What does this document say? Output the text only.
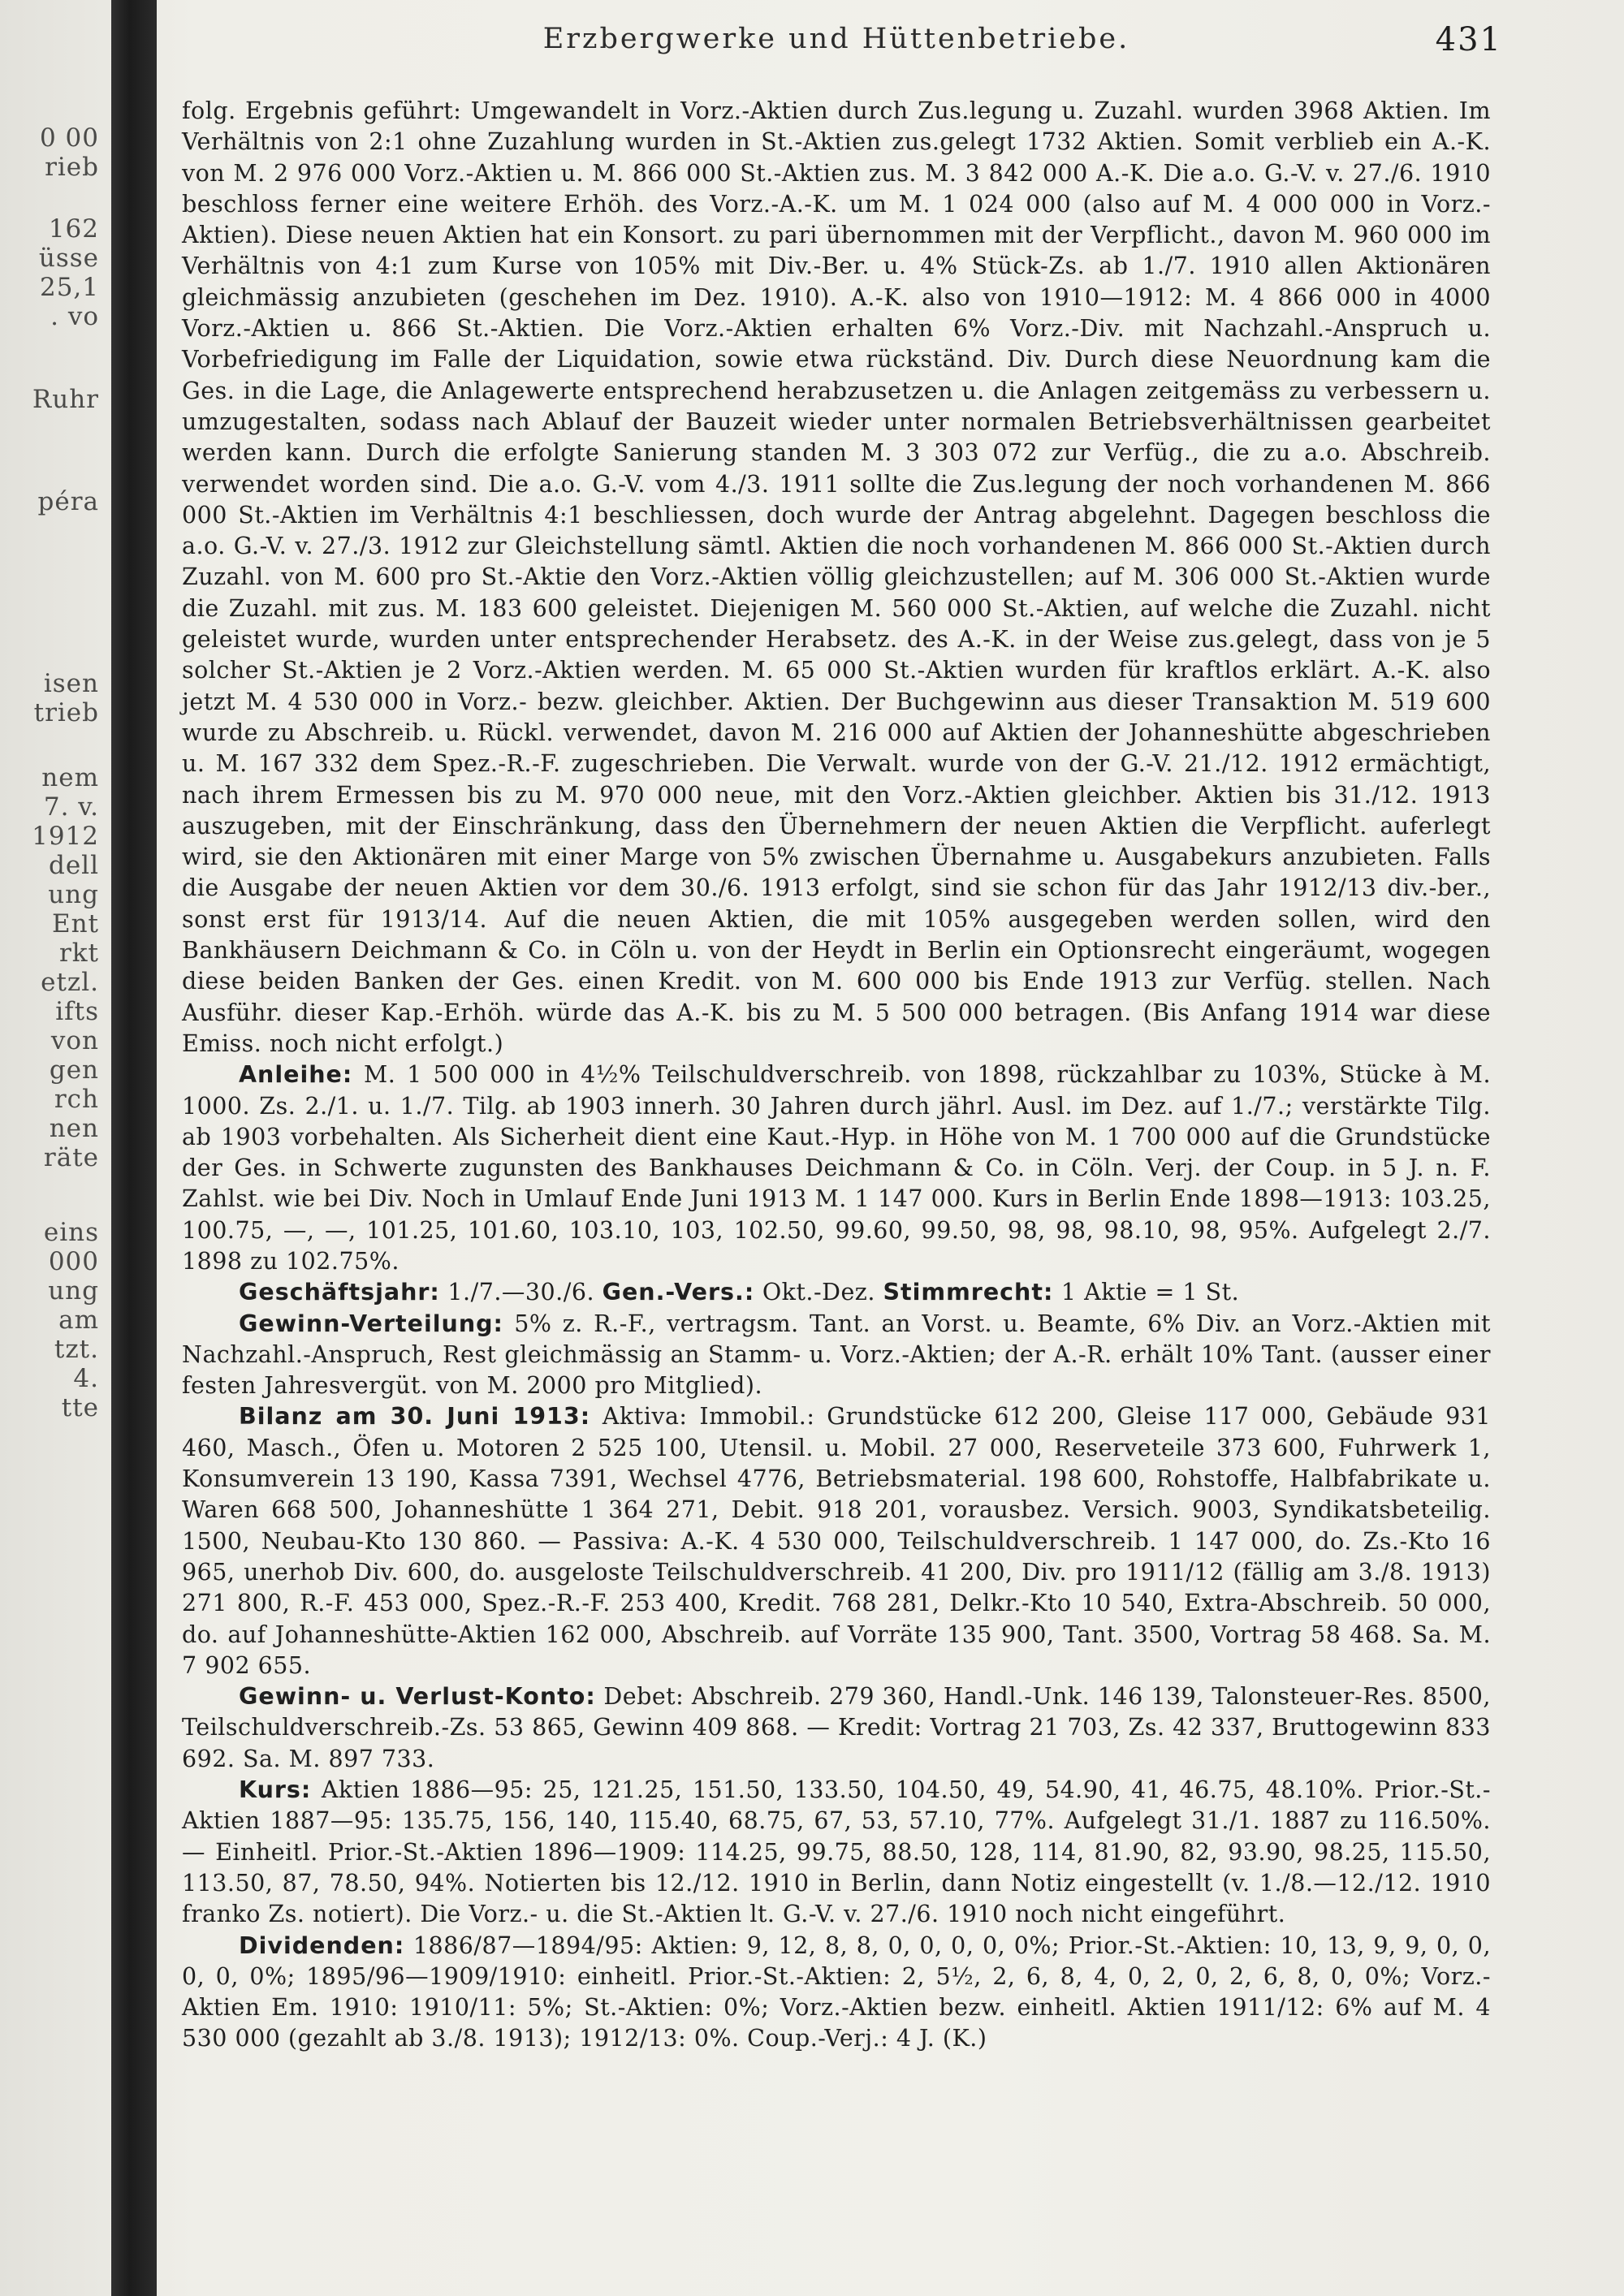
0 00
rieb
162
üsse
25,1
. vo
Ruhr
péra
isen
trieb
nem
7. v.
1912
dell
ung
Ent
rkt
etzl.
ifts
von
gen
rch
nen
räte
eins
000
ung
am
tzt.
4.
tte
Erzbergwerke und Hüttenbetriebe.	431

folg. Ergebnis geführt: Umgewandelt in Vorz.-Aktien durch Zus.legung u. Zuzahl. wurden 3968 Aktien. Im Verhältnis von 2:1 ohne Zuzahlung wurden in St.-Aktien zus.gelegt 1732 Aktien. Somit verblieb ein A.-K. von M. 2 976 000 Vorz.-Aktien u. M. 866 000 St.-Aktien zus. M. 3 842 000 A.-K. Die a.o. G.-V. v. 27./6. 1910 beschloss ferner eine weitere Erhöh. des Vorz.-A.-K. um M. 1 024 000 (also auf M. 4 000 000 in Vorz.-Aktien). Diese neuen Aktien hat ein Konsort. zu pari übernommen mit der Verpflicht., davon M. 960 000 im Verhältnis von 4:1 zum Kurse von 105% mit Div.-Ber. u. 4% Stück-Zs. ab 1./7. 1910 allen Aktionären gleichmässig anzubieten (geschehen im Dez. 1910). A.-K. also von 1910—1912: M. 4 866 000 in 4000 Vorz.-Aktien u. 866 St.-Aktien. Die Vorz.-Aktien erhalten 6% Vorz.-Div. mit Nachzahl.-Anspruch u. Vorbefriedigung im Falle der Liquidation, sowie etwa rückständ. Div. Durch diese Neuordnung kam die Ges. in die Lage, die Anlagewerte entsprechend herabzusetzen u. die Anlagen zeitgemäss zu verbessern u. umzugestalten, sodass nach Ablauf der Bauzeit wieder unter normalen Betriebsverhältnissen gearbeitet werden kann. Durch die erfolgte Sanierung standen M. 3 303 072 zur Verfüg., die zu a.o. Abschreib. verwendet worden sind. Die a.o. G.-V. vom 4./3. 1911 sollte die Zus.legung der noch vorhandenen M. 866 000 St.-Aktien im Verhältnis 4:1 beschliessen, doch wurde der Antrag abgelehnt. Dagegen beschloss die a.o. G.-V. v. 27./3. 1912 zur Gleichstellung sämtl. Aktien die noch vorhandenen M. 866 000 St.-Aktien durch Zuzahl. von M. 600 pro St.-Aktie den Vorz.-Aktien völlig gleichzustellen; auf M. 306 000 St.-Aktien wurde die Zuzahl. mit zus. M. 183 600 geleistet. Diejenigen M. 560 000 St.-Aktien, auf welche die Zuzahl. nicht geleistet wurde, wurden unter entsprechender Herabsetz. des A.-K. in der Weise zus.gelegt, dass von je 5 solcher St.-Aktien je 2 Vorz.-Aktien werden. M. 65 000 St.-Aktien wurden für kraftlos erklärt. A.-K. also jetzt M. 4 530 000 in Vorz.- bezw. gleichber. Aktien. Der Buchgewinn aus dieser Transaktion M. 519 600 wurde zu Abschreib. u. Rückl. verwendet, davon M. 216 000 auf Aktien der Johanneshütte abgeschrieben u. M. 167 332 dem Spez.-R.-F. zugeschrieben. Die Verwalt. wurde von der G.-V. 21./12. 1912 ermächtigt, nach ihrem Ermessen bis zu M. 970 000 neue, mit den Vorz.-Aktien gleichber. Aktien bis 31./12. 1913 auszugeben, mit der Einschränkung, dass den Übernehmern der neuen Aktien die Verpflicht. auferlegt wird, sie den Aktionären mit einer Marge von 5% zwischen Übernahme u. Ausgabekurs anzubieten. Falls die Ausgabe der neuen Aktien vor dem 30./6. 1913 erfolgt, sind sie schon für das Jahr 1912/13 div.-ber., sonst erst für 1913/14. Auf die neuen Aktien, die mit 105% ausgegeben werden sollen, wird den Bankhäusern Deichmann & Co. in Cöln u. von der Heydt in Berlin ein Optionsrecht eingeräumt, wogegen diese beiden Banken der Ges. einen Kredit. von M. 600 000 bis Ende 1913 zur Verfüg. stellen. Nach Ausführ. dieser Kap.-Erhöh. würde das A.-K. bis zu M. 5 500 000 betragen. (Bis Anfang 1914 war diese Emiss. noch nicht erfolgt.)

Anleihe: M. 1 500 000 in 4½% Teilschuldverschreib. von 1898, rückzahlbar zu 103%, Stücke à M. 1000. Zs. 2./1. u. 1./7. Tilg. ab 1903 innerh. 30 Jahren durch jährl. Ausl. im Dez. auf 1./7.; verstärkte Tilg. ab 1903 vorbehalten. Als Sicherheit dient eine Kaut.-Hyp. in Höhe von M. 1 700 000 auf die Grundstücke der Ges. in Schwerte zugunsten des Bankhauses Deichmann & Co. in Cöln. Verj. der Coup. in 5 J. n. F. Zahlst. wie bei Div. Noch in Umlauf Ende Juni 1913 M. 1 147 000. Kurs in Berlin Ende 1898—1913: 103.25, 100.75, —, —, 101.25, 101.60, 103.10, 103, 102.50, 99.60, 99.50, 98, 98, 98.10, 98, 95%. Aufgelegt 2./7. 1898 zu 102.75%.

Geschäftsjahr: 1./7.—30./6. Gen.-Vers.: Okt.-Dez. Stimmrecht: 1 Aktie = 1 St.

Gewinn-Verteilung: 5% z. R.-F., vertragsm. Tant. an Vorst. u. Beamte, 6% Div. an Vorz.-Aktien mit Nachzahl.-Anspruch, Rest gleichmässig an Stamm- u. Vorz.-Aktien; der A.-R. erhält 10% Tant. (ausser einer festen Jahresvergüt. von M. 2000 pro Mitglied).

Bilanz am 30. Juni 1913: Aktiva: Immobil.: Grundstücke 612 200, Gleise 117 000, Gebäude 931 460, Masch., Öfen u. Motoren 2 525 100, Utensil. u. Mobil. 27 000, Reserveteile 373 600, Fuhrwerk 1, Konsumverein 13 190, Kassa 7391, Wechsel 4776, Betriebsmaterial. 198 600, Rohstoffe, Halbfabrikate u. Waren 668 500, Johanneshütte 1 364 271, Debit. 918 201, vorausbez. Versich. 9003, Syndikatsbeteilig. 1500, Neubau-Kto 130 860. — Passiva: A.-K. 4 530 000, Teilschuldverschreib. 1 147 000, do. Zs.-Kto 16 965, unerhob Div. 600, do. ausgeloste Teilschuldverschreib. 41 200, Div. pro 1911/12 (fällig am 3./8. 1913) 271 800, R.-F. 453 000, Spez.-R.-F. 253 400, Kredit. 768 281, Delkr.-Kto 10 540, Extra-Abschreib. 50 000, do. auf Johanneshütte-Aktien 162 000, Abschreib. auf Vorräte 135 900, Tant. 3500, Vortrag 58 468. Sa. M. 7 902 655.

Gewinn- u. Verlust-Konto: Debet: Abschreib. 279 360, Handl.-Unk. 146 139, Talonsteuer-Res. 8500, Teilschuldverschreib.-Zs. 53 865, Gewinn 409 868. — Kredit: Vortrag 21 703, Zs. 42 337, Bruttogewinn 833 692. Sa. M. 897 733.

Kurs: Aktien 1886—95: 25, 121.25, 151.50, 133.50, 104.50, 49, 54.90, 41, 46.75, 48.10%. Prior.-St.-Aktien 1887—95: 135.75, 156, 140, 115.40, 68.75, 67, 53, 57.10, 77%. Aufgelegt 31./1. 1887 zu 116.50%. — Einheitl. Prior.-St.-Aktien 1896—1909: 114.25, 99.75, 88.50, 128, 114, 81.90, 82, 93.90, 98.25, 115.50, 113.50, 87, 78.50, 94%. Notierten bis 12./12. 1910 in Berlin, dann Notiz eingestellt (v. 1./8.—12./12. 1910 franko Zs. notiert). Die Vorz.- u. die St.-Aktien lt. G.-V. v. 27./6. 1910 noch nicht eingeführt.

Dividenden: 1886/87—1894/95: Aktien: 9, 12, 8, 8, 0, 0, 0, 0, 0%; Prior.-St.-Aktien: 10, 13, 9, 9, 0, 0, 0, 0, 0%; 1895/96—1909/1910: einheitl. Prior.-St.-Aktien: 2, 5½, 2, 6, 8, 4, 0, 2, 0, 2, 6, 8, 0, 0%; Vorz.-Aktien Em. 1910: 1910/11: 5%; St.-Aktien: 0%; Vorz.-Aktien bezw. einheitl. Aktien 1911/12: 6% auf M. 4 530 000 (gezahlt ab 3./8. 1913); 1912/13: 0%. Coup.-Verj.: 4 J. (K.)
